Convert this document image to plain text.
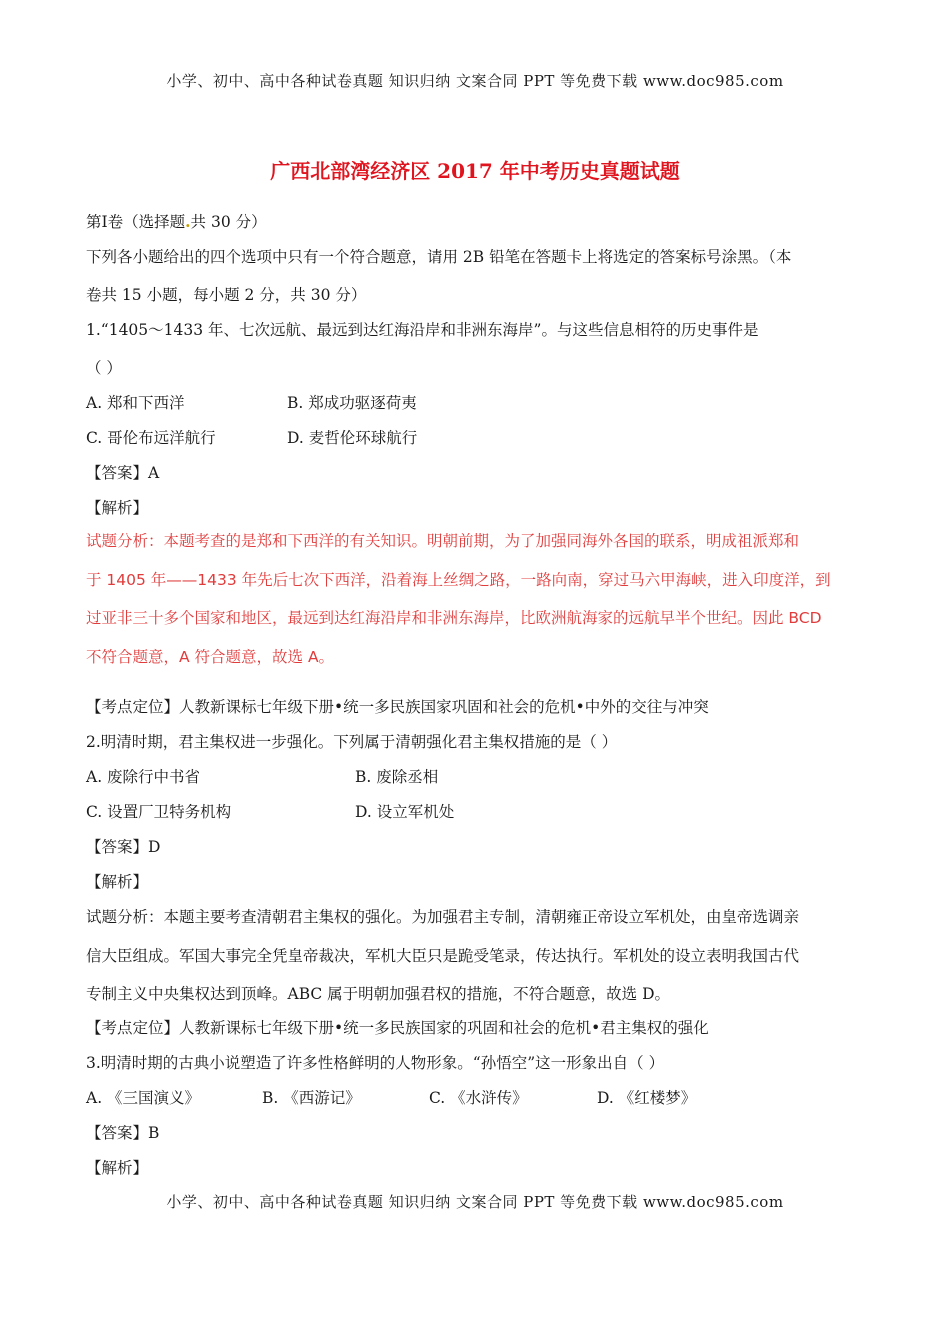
小学、初中、高中各种试卷真题 知识归纳 文案合同 PPT 等免费下载 www.doc985.com
广西北部湾经济区 2017 年中考历史真题试题
第Ⅰ卷（选择题.共 30 分）
下列各小题给出的四个选项中只有一个符合题意，请用 2B 铅笔在答题卡上将选定的答案标号涂黑。（本
卷共 15 小题，每小题 2 分，共 30 分）
1.“1405～1433 年、七次远航、最远到达红海沿岸和非洲东海岸”。与这些信息相符的历史事件是
（ ）
A. 郑和下西洋	B. 郑成功驱逐荷夷
C. 哥伦布远洋航行	D. 麦哲伦环球航行
【答案】A
【解析】
试题分析：本题考查的是郑和下西洋的有关知识。明朝前期，为了加强同海外各国的联系，明成祖派郑和
于 1405 年——1433 年先后七次下西洋，沿着海上丝绸之路，一路向南，穿过马六甲海峡，进入印度洋，到
过亚非三十多个国家和地区，最远到达红海沿岸和非洲东海岸，比欧洲航海家的远航早半个世纪。因此 BCD
不符合题意，A 符合题意，故选 A。
【考点定位】人教新课标七年级下册•统一多民族国家巩固和社会的危机•中外的交往与冲突
2.明清时期，君主集权进一步强化。下列属于清朝强化君主集权措施的是（ ）
A. 废除行中书省	B. 废除丞相
C. 设置厂卫特务机构	D. 设立军机处
【答案】D
【解析】
试题分析：本题主要考查清朝君主集权的强化。为加强君主专制，清朝雍正帝设立军机处，由皇帝选调亲
信大臣组成。军国大事完全凭皇帝裁决，军机大臣只是跪受笔录，传达执行。军机处的设立表明我国古代
专制主义中央集权达到顶峰。ABC 属于明朝加强君权的措施，不符合题意，故选 D。
【考点定位】人教新课标七年级下册•统一多民族国家的巩固和社会的危机•君主集权的强化
3.明清时期的古典小说塑造了许多性格鲜明的人物形象。“孙悟空”这一形象出自（ ）
A. 《三国演义》	B. 《西游记》	C. 《水浒传》	D. 《红楼梦》
【答案】B
【解析】
小学、初中、高中各种试卷真题 知识归纳 文案合同 PPT 等免费下载 www.doc985.com
